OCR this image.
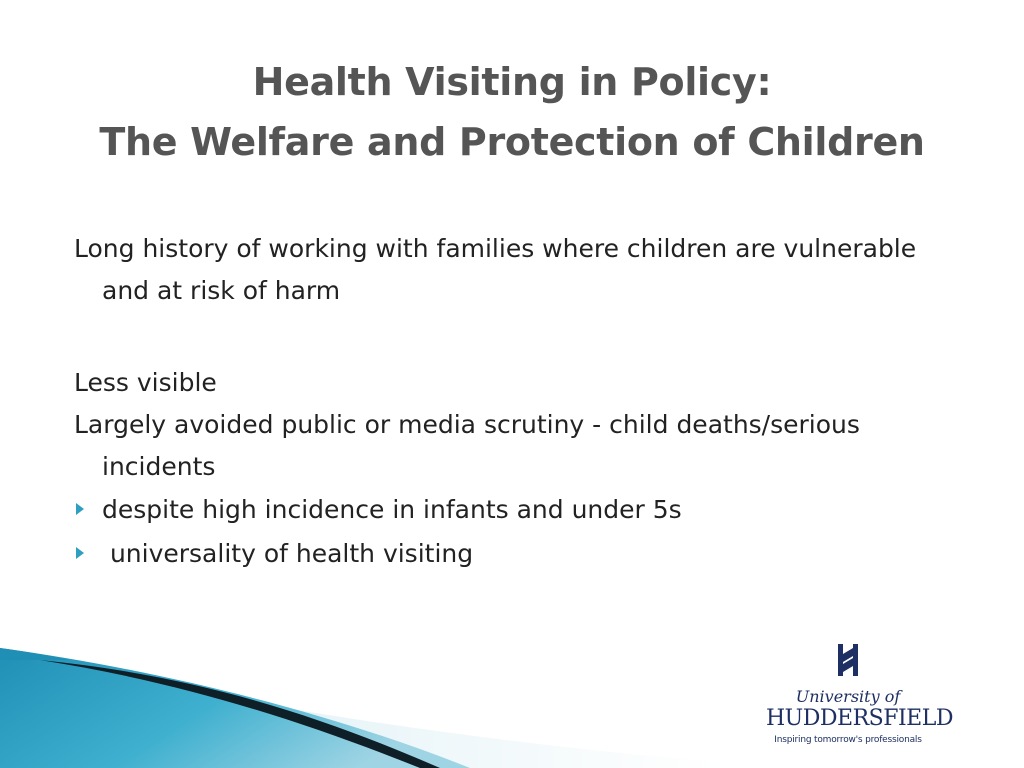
Health Visiting in Policy:
The Welfare and Protection of Children
Long history of working with families where children are vulnerable and at risk of harm
Less visible
Largely avoided public or media scrutiny - child deaths/serious incidents
despite high incidence in infants and under 5s
universality of health visiting
University of
HUDDERSFIELD
Inspiring tomorrow's professionals
